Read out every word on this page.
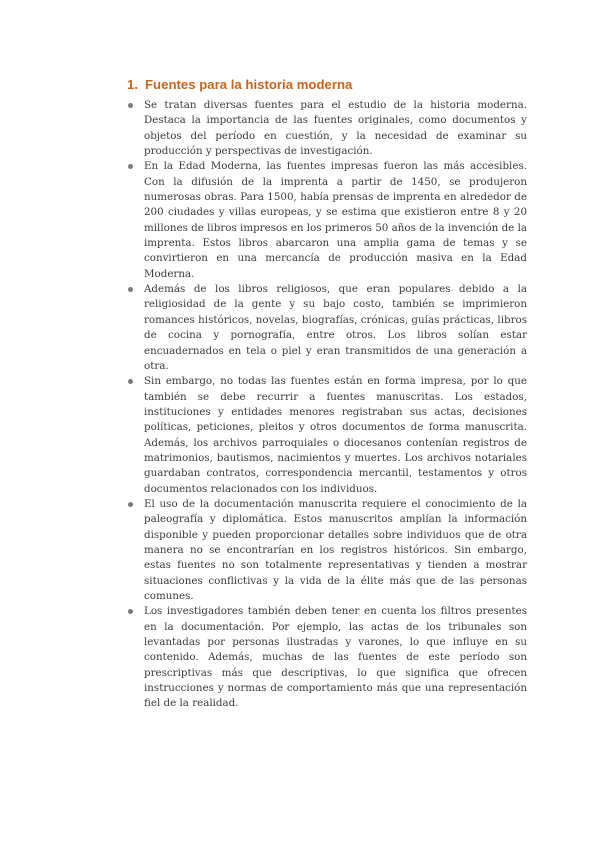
1. Fuentes para la historia moderna
Se tratan diversas fuentes para el estudio de la historia moderna. Destaca la importancia de las fuentes originales, como documentos y objetos del período en cuestión, y la necesidad de examinar su producción y perspectivas de investigación.
En la Edad Moderna, las fuentes impresas fueron las más accesibles. Con la difusión de la imprenta a partir de 1450, se produjeron numerosas obras. Para 1500, había prensas de imprenta en alrededor de 200 ciudades y villas europeas, y se estima que existieron entre 8 y 20 millones de libros impresos en los primeros 50 años de la invención de la imprenta. Estos libros abarcaron una amplia gama de temas y se convirtieron en una mercancía de producción masiva en la Edad Moderna.
Además de los libros religiosos, que eran populares debido a la religiosidad de la gente y su bajo costo, también se imprimieron romances históricos, novelas, biografías, crónicas, guías prácticas, libros de cocina y pornografía, entre otros. Los libros solían estar encuadernados en tela o piel y eran transmitidos de una generación a otra.
Sin embargo, no todas las fuentes están en forma impresa, por lo que también se debe recurrir a fuentes manuscritas. Los estados, instituciones y entidades menores registraban sus actas, decisiones políticas, peticiones, pleitos y otros documentos de forma manuscrita. Además, los archivos parroquiales o diocesanos contenían registros de matrimonios, bautismos, nacimientos y muertes. Los archivos notariales guardaban contratos, correspondencia mercantil, testamentos y otros documentos relacionados con los individuos.
El uso de la documentación manuscrita requiere el conocimiento de la paleografía y diplomática. Estos manuscritos amplían la información disponible y pueden proporcionar detalles sobre individuos que de otra manera no se encontrarían en los registros históricos. Sin embargo, estas fuentes no son totalmente representativas y tienden a mostrar situaciones conflictivas y la vida de la élite más que de las personas comunes.
Los investigadores también deben tener en cuenta los filtros presentes en la documentación. Por ejemplo, las actas de los tribunales son levantadas por personas ilustradas y varones, lo que influye en su contenido. Además, muchas de las fuentes de este período son prescriptivas más que descriptivas, lo que significa que ofrecen instrucciones y normas de comportamiento más que una representación fiel de la realidad.
